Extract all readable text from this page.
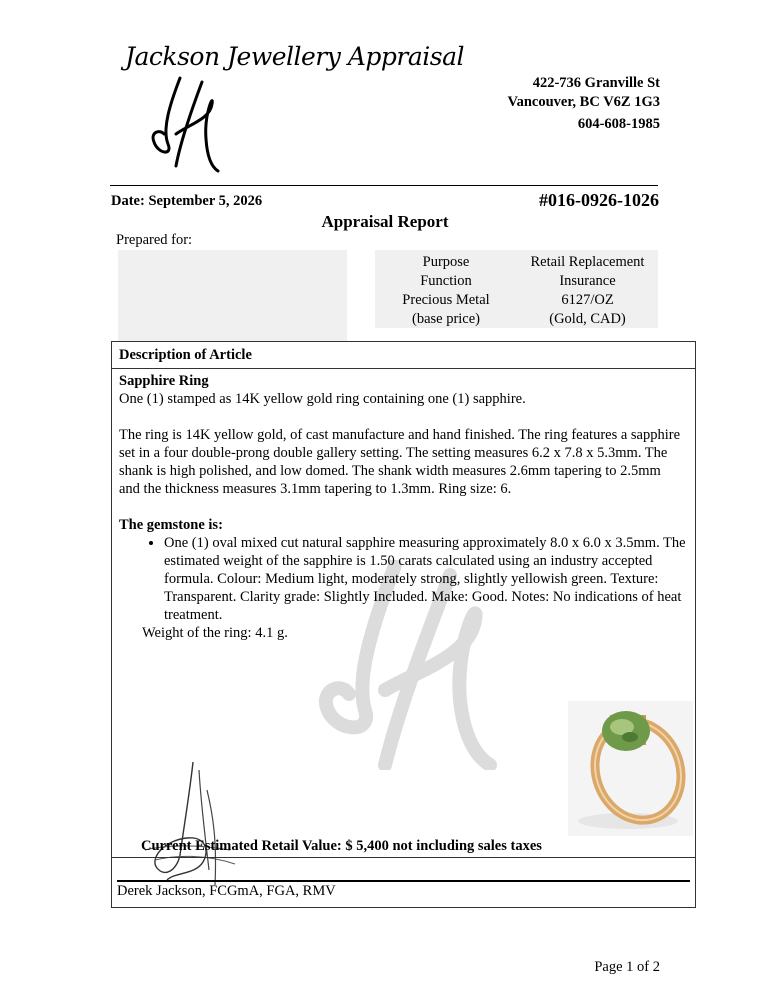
Jackson Jewellery Appraisal
422-736 Granville St
Vancouver, BC V6Z 1G3
604-608-1985
Date: September 5, 2026	#016-0926-1026
Appraisal Report
Prepared for:
Purpose
Function
Precious Metal
(base price)
Retail Replacement
Insurance
6127/OZ
(Gold, CAD)
Description of Article

Sapphire Ring

One (1) stamped as 14K yellow gold ring containing one (1) sapphire.

The ring is 14K yellow gold, of cast manufacture and hand finished. The ring features a sapphire set in a four double-prong double gallery setting. The setting measures 6.2 x 7.8 x 5.3mm. The shank is high polished, and low domed. The shank width measures 2.6mm tapering to 2.5mm and the thickness measures 3.1mm tapering to 1.3mm. Ring size: 6.

The gemstone is:

• One (1) oval mixed cut natural sapphire measuring approximately 8.0 x 6.0 x 3.5mm. The estimated weight of the sapphire is 1.50 carats calculated using an industry accepted formula. Colour: Medium light, moderately strong, slightly yellowish green. Texture: Transparent. Clarity grade: Slightly Included. Make: Good. Notes: No indications of heat treatment.

Weight of the ring: 4.1 g.

Current Estimated Retail Value: $ 5,400 not including sales taxes
Derek Jackson, FCGmA, FGA, RMV
Page 1 of 2
